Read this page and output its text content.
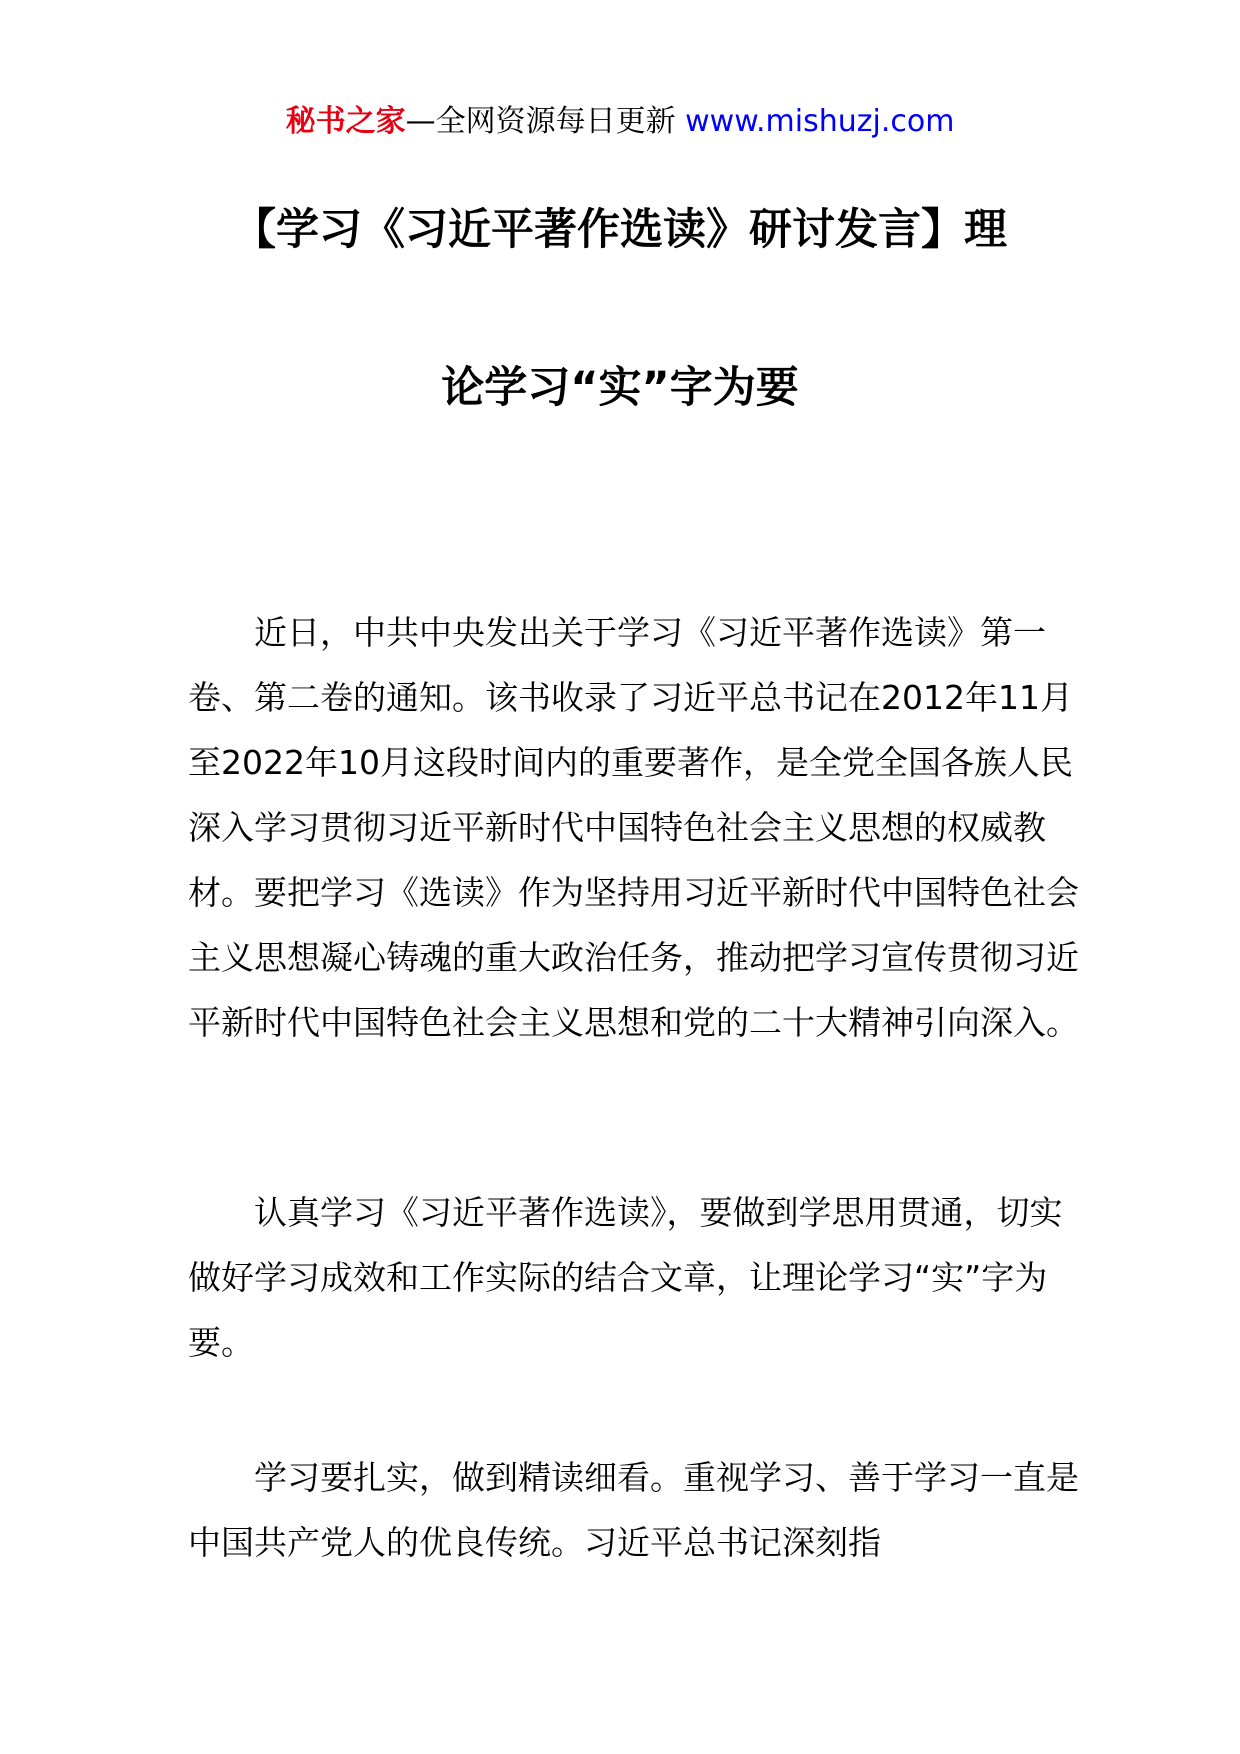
秘书之家—全网资源每日更新 www.mishuzj.com
【学习《习近平著作选读》研讨发言】理
论学习“实”字为要

近日，中共中央发出关于学习《习近平著作选读》第一卷、第二卷的通知。该书收录了习近平总书记在2012年11月至2022年10月这段时间内的重要著作，是全党全国各族人民深入学习贯彻习近平新时代中国特色社会主义思想的权威教材。要把学习《选读》作为坚持用习近平新时代中国特色社会主义思想凝心铸魂的重大政治任务，推动把学习宣传贯彻习近平新时代中国特色社会主义思想和党的二十大精神引向深入。

认真学习《习近平著作选读》，要做到学思用贯通，切实做好学习成效和工作实际的结合文章，让理论学习“实”字为要。

学习要扎实，做到精读细看。重视学习、善于学习一直是中国共产党人的优良传统。习近平总书记深刻指
